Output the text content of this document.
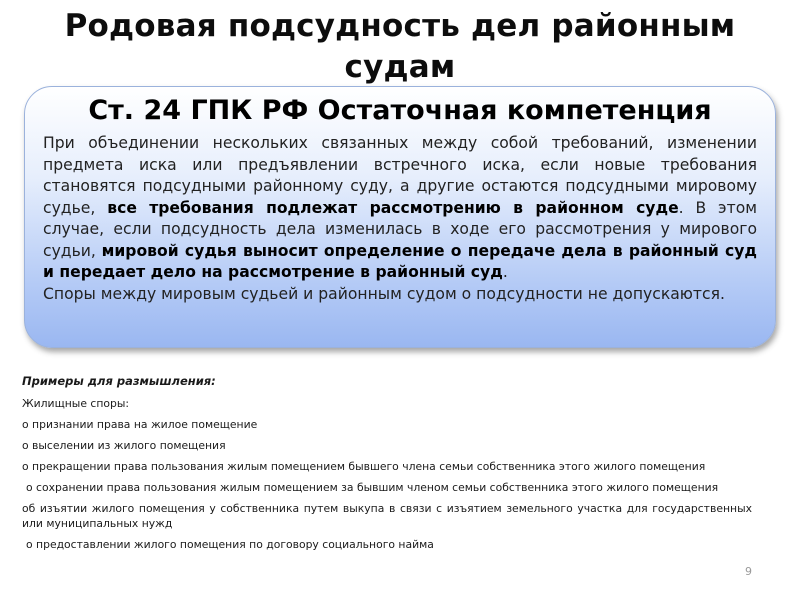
Родовая подсудность дел районным судам
Ст. 24 ГПК РФ Остаточная компетенция

При объединении нескольких связанных между собой требований, изменении предмета иска или предъявлении встречного иска, если новые требования становятся подсудными районному суду, а другие остаются подсудными мировому судье, все требования подлежат рассмотрению в районном суде. В этом случае, если подсудность дела изменилась в ходе его рассмотрения у мирового судьи, мировой судья выносит определение о передаче дела в районный суд и передает дело на рассмотрение в районный суд.

Споры между мировым судьей и районным судом о подсудности не допускаются.

Примеры для размышления:
Жилищные споры:
о признании права на жилое помещение
о выселении из жилого помещения
о прекращении права пользования жилым помещением бывшего члена семьи собственника этого жилого помещения
о сохранении права пользования жилым помещением за бывшим членом семьи собственника этого жилого помещения
об изъятии жилого помещения у собственника путем выкупа в связи с изъятием земельного участка для государственных или муниципальных нужд
о предоставлении жилого помещения по договору социального найма
9
